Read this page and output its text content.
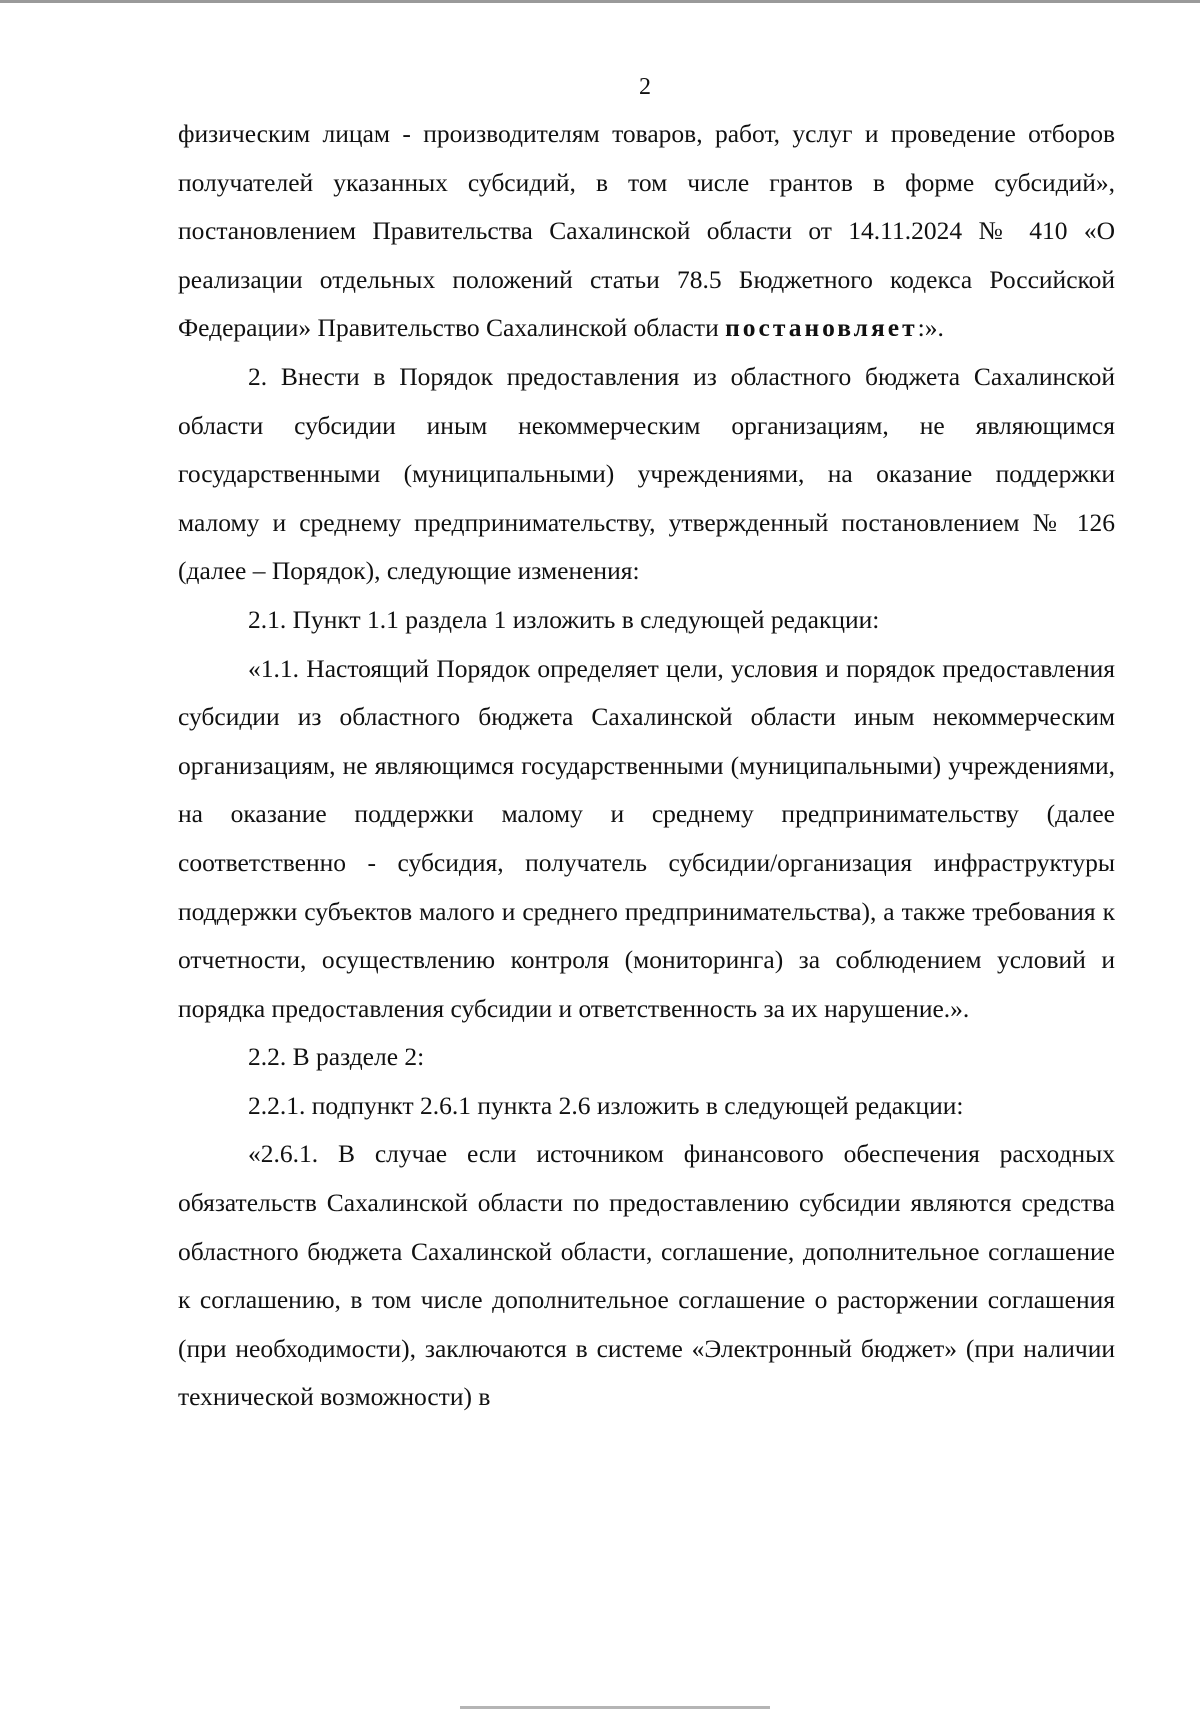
2

физическим лицам - производителям товаров, работ, услуг и проведение отборов получателей указанных субсидий, в том числе грантов в форме субсидий», постановлением Правительства Сахалинской области от 14.11.2024 № 410 «О реализации отдельных положений статьи 78.5 Бюджетного кодекса Российской Федерации» Правительство Сахалинской области постановляет:».

2. Внести в Порядок предоставления из областного бюджета Сахалинской области субсидии иным некоммерческим организациям, не являющимся государственными (муниципальными) учреждениями, на оказание поддержки малому и среднему предпринимательству, утвержденный постановлением № 126 (далее – Порядок), следующие изменения:

2.1. Пункт 1.1 раздела 1 изложить в следующей редакции:

«1.1. Настоящий Порядок определяет цели, условия и порядок предоставления субсидии из областного бюджета Сахалинской области иным некоммерческим организациям, не являющимся государственными (муниципальными) учреждениями, на оказание поддержки малому и среднему предпринимательству (далее соответственно - субсидия, получатель субсидии/организация инфраструктуры поддержки субъектов малого и среднего предпринимательства), а также требования к отчетности, осуществлению контроля (мониторинга) за соблюдением условий и порядка предоставления субсидии и ответственность за их нарушение.».

2.2. В разделе 2:

2.2.1. подпункт 2.6.1 пункта 2.6 изложить в следующей редакции:

«2.6.1. В случае если источником финансового обеспечения расходных обязательств Сахалинской области по предоставлению субсидии являются средства областного бюджета Сахалинской области, соглашение, дополнительное соглашение к соглашению, в том числе дополнительное соглашение о расторжении соглашения (при необходимости), заключаются в системе «Электронный бюджет» (при наличии технической возможности) в
